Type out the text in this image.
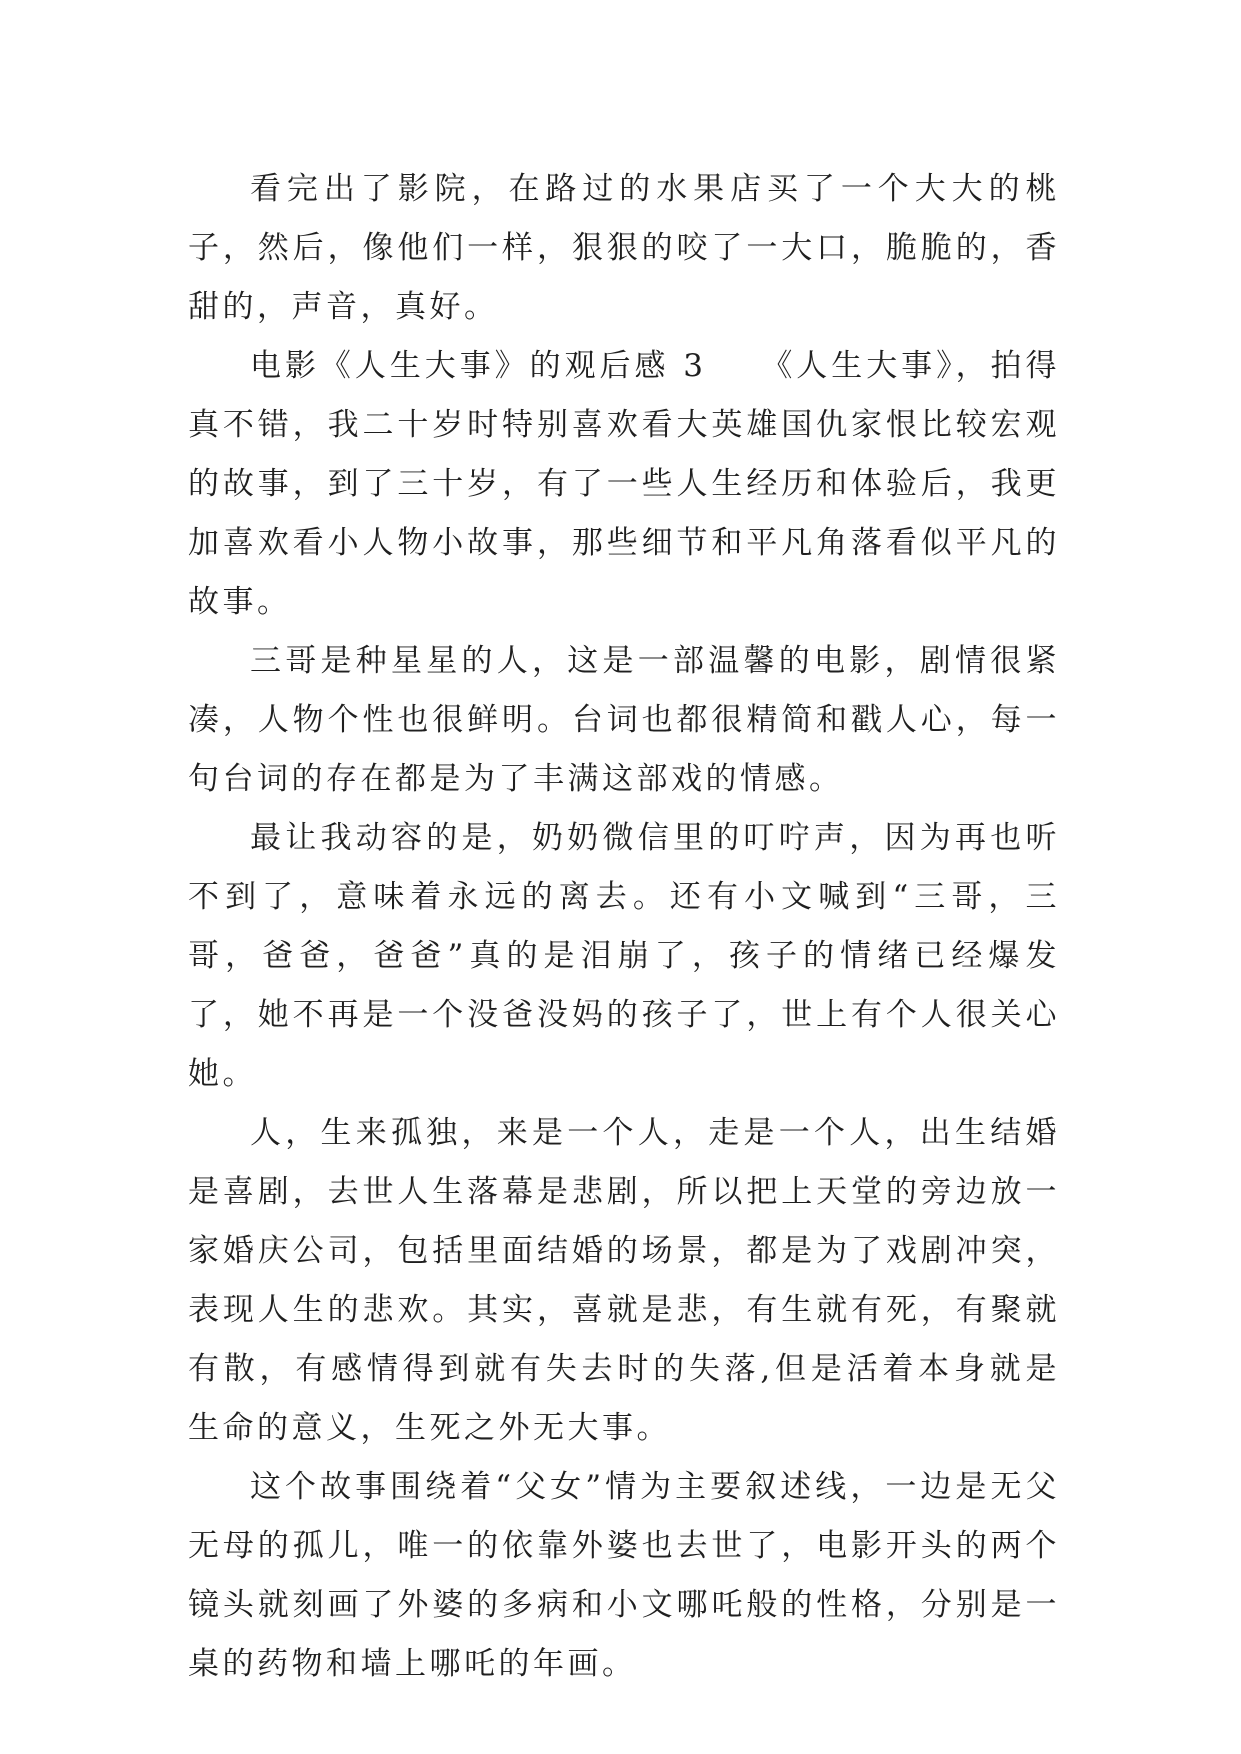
看完出了影院，在路过的水果店买了一个大大的桃子，然后，像他们一样，狠狠的咬了一大口，脆脆的，香甜的，声音，真好。

电影《人生大事》的观后感 3　　《人生大事》，拍得真不错，我二十岁时特别喜欢看大英雄国仇家恨比较宏观的故事，到了三十岁，有了一些人生经历和体验后，我更加喜欢看小人物小故事，那些细节和平凡角落看似平凡的故事。

三哥是种星星的人，这是一部温馨的电影，剧情很紧凑，人物个性也很鲜明。台词也都很精简和戳人心，每一句台词的存在都是为了丰满这部戏的情感。

最让我动容的是，奶奶微信里的叮咛声，因为再也听不到了，意味着永远的离去。还有小文喊到“三哥，三哥，爸爸，爸爸”真的是泪崩了，孩子的情绪已经爆发了，她不再是一个没爸没妈的孩子了，世上有个人很关心她。

人，生来孤独，来是一个人，走是一个人，出生结婚是喜剧，去世人生落幕是悲剧，所以把上天堂的旁边放一家婚庆公司，包括里面结婚的场景，都是为了戏剧冲突，表现人生的悲欢。其实，喜就是悲，有生就有死，有聚就有散，有感情得到就有失去时的失落,但是活着本身就是生命的意义，生死之外无大事。

这个故事围绕着“父女”情为主要叙述线，一边是无父无母的孤儿，唯一的依靠外婆也去世了，电影开头的两个镜头就刻画了外婆的多病和小文哪吒般的性格，分别是一桌的药物和墙上哪吒的年画。
